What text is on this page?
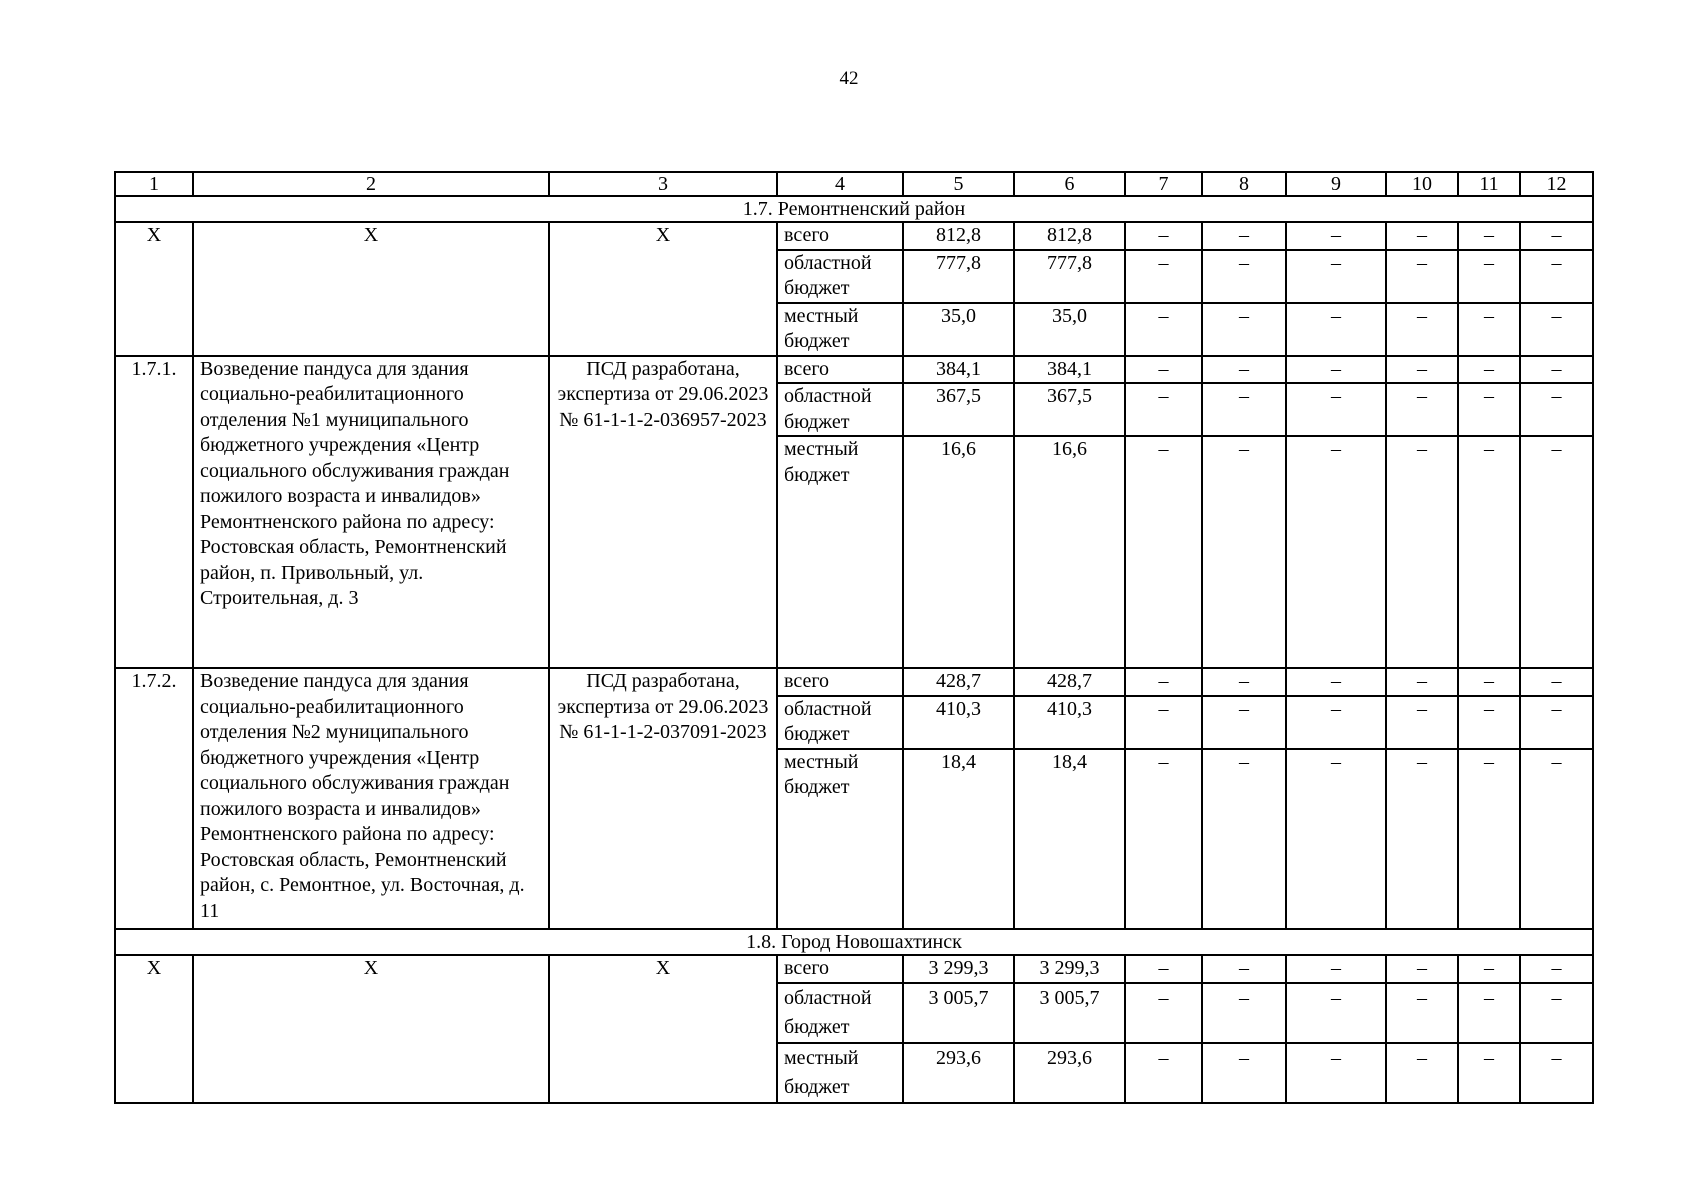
42
1	2	3	4	5	6	7	8	9	10	11	12
1.7. Ремонтненский район											
Х	Х	Х	всего	812,8	812,8	–	–	–	–	–	–
			областной бюджет	777,8	777,8	–	–	–	–	–	–
			местный бюджет	35,0	35,0	–	–	–	–	–	–
1.7.1.	Возведение пандуса для здания социально-реабилитационного отделения №1 муниципального бюджетного учреждения «Центр социального обслуживания граждан пожилого возраста и инвалидов» Ремонтненского района по адресу: Ростовская область, Ремонтненский район, п. Привольный, ул. Строительная, д. 3	ПСД разработана, экспертиза от 29.06.2023 № 61-1-1-2-036957-2023	всего	384,1	384,1	–	–	–	–	–	–
			областной бюджет	367,5	367,5	–	–	–	–	–	–
			местный бюджет	16,6	16,6	–	–	–	–	–	–
1.7.2.	Возведение пандуса для здания социально-реабилитационного отделения №2 муниципального бюджетного учреждения «Центр социального обслуживания граждан пожилого возраста и инвалидов» Ремонтненского района по адресу: Ростовская область, Ремонтненский район, с. Ремонтное, ул. Восточная, д. 11	ПСД разработана, экспертиза от 29.06.2023 № 61-1-1-2-037091-2023	всего	428,7	428,7	–	–	–	–	–	–
			областной бюджет	410,3	410,3	–	–	–	–	–	–
			местный бюджет	18,4	18,4	–	–	–	–	–	–
1.8. Город Новошахтинск											
Х	Х	Х	всего	3 299,3	3 299,3	–	–	–	–	–	–
			областной бюджет	3 005,7	3 005,7	–	–	–	–	–	–
			местный бюджет	293,6	293,6	–	–	–	–	–	–
